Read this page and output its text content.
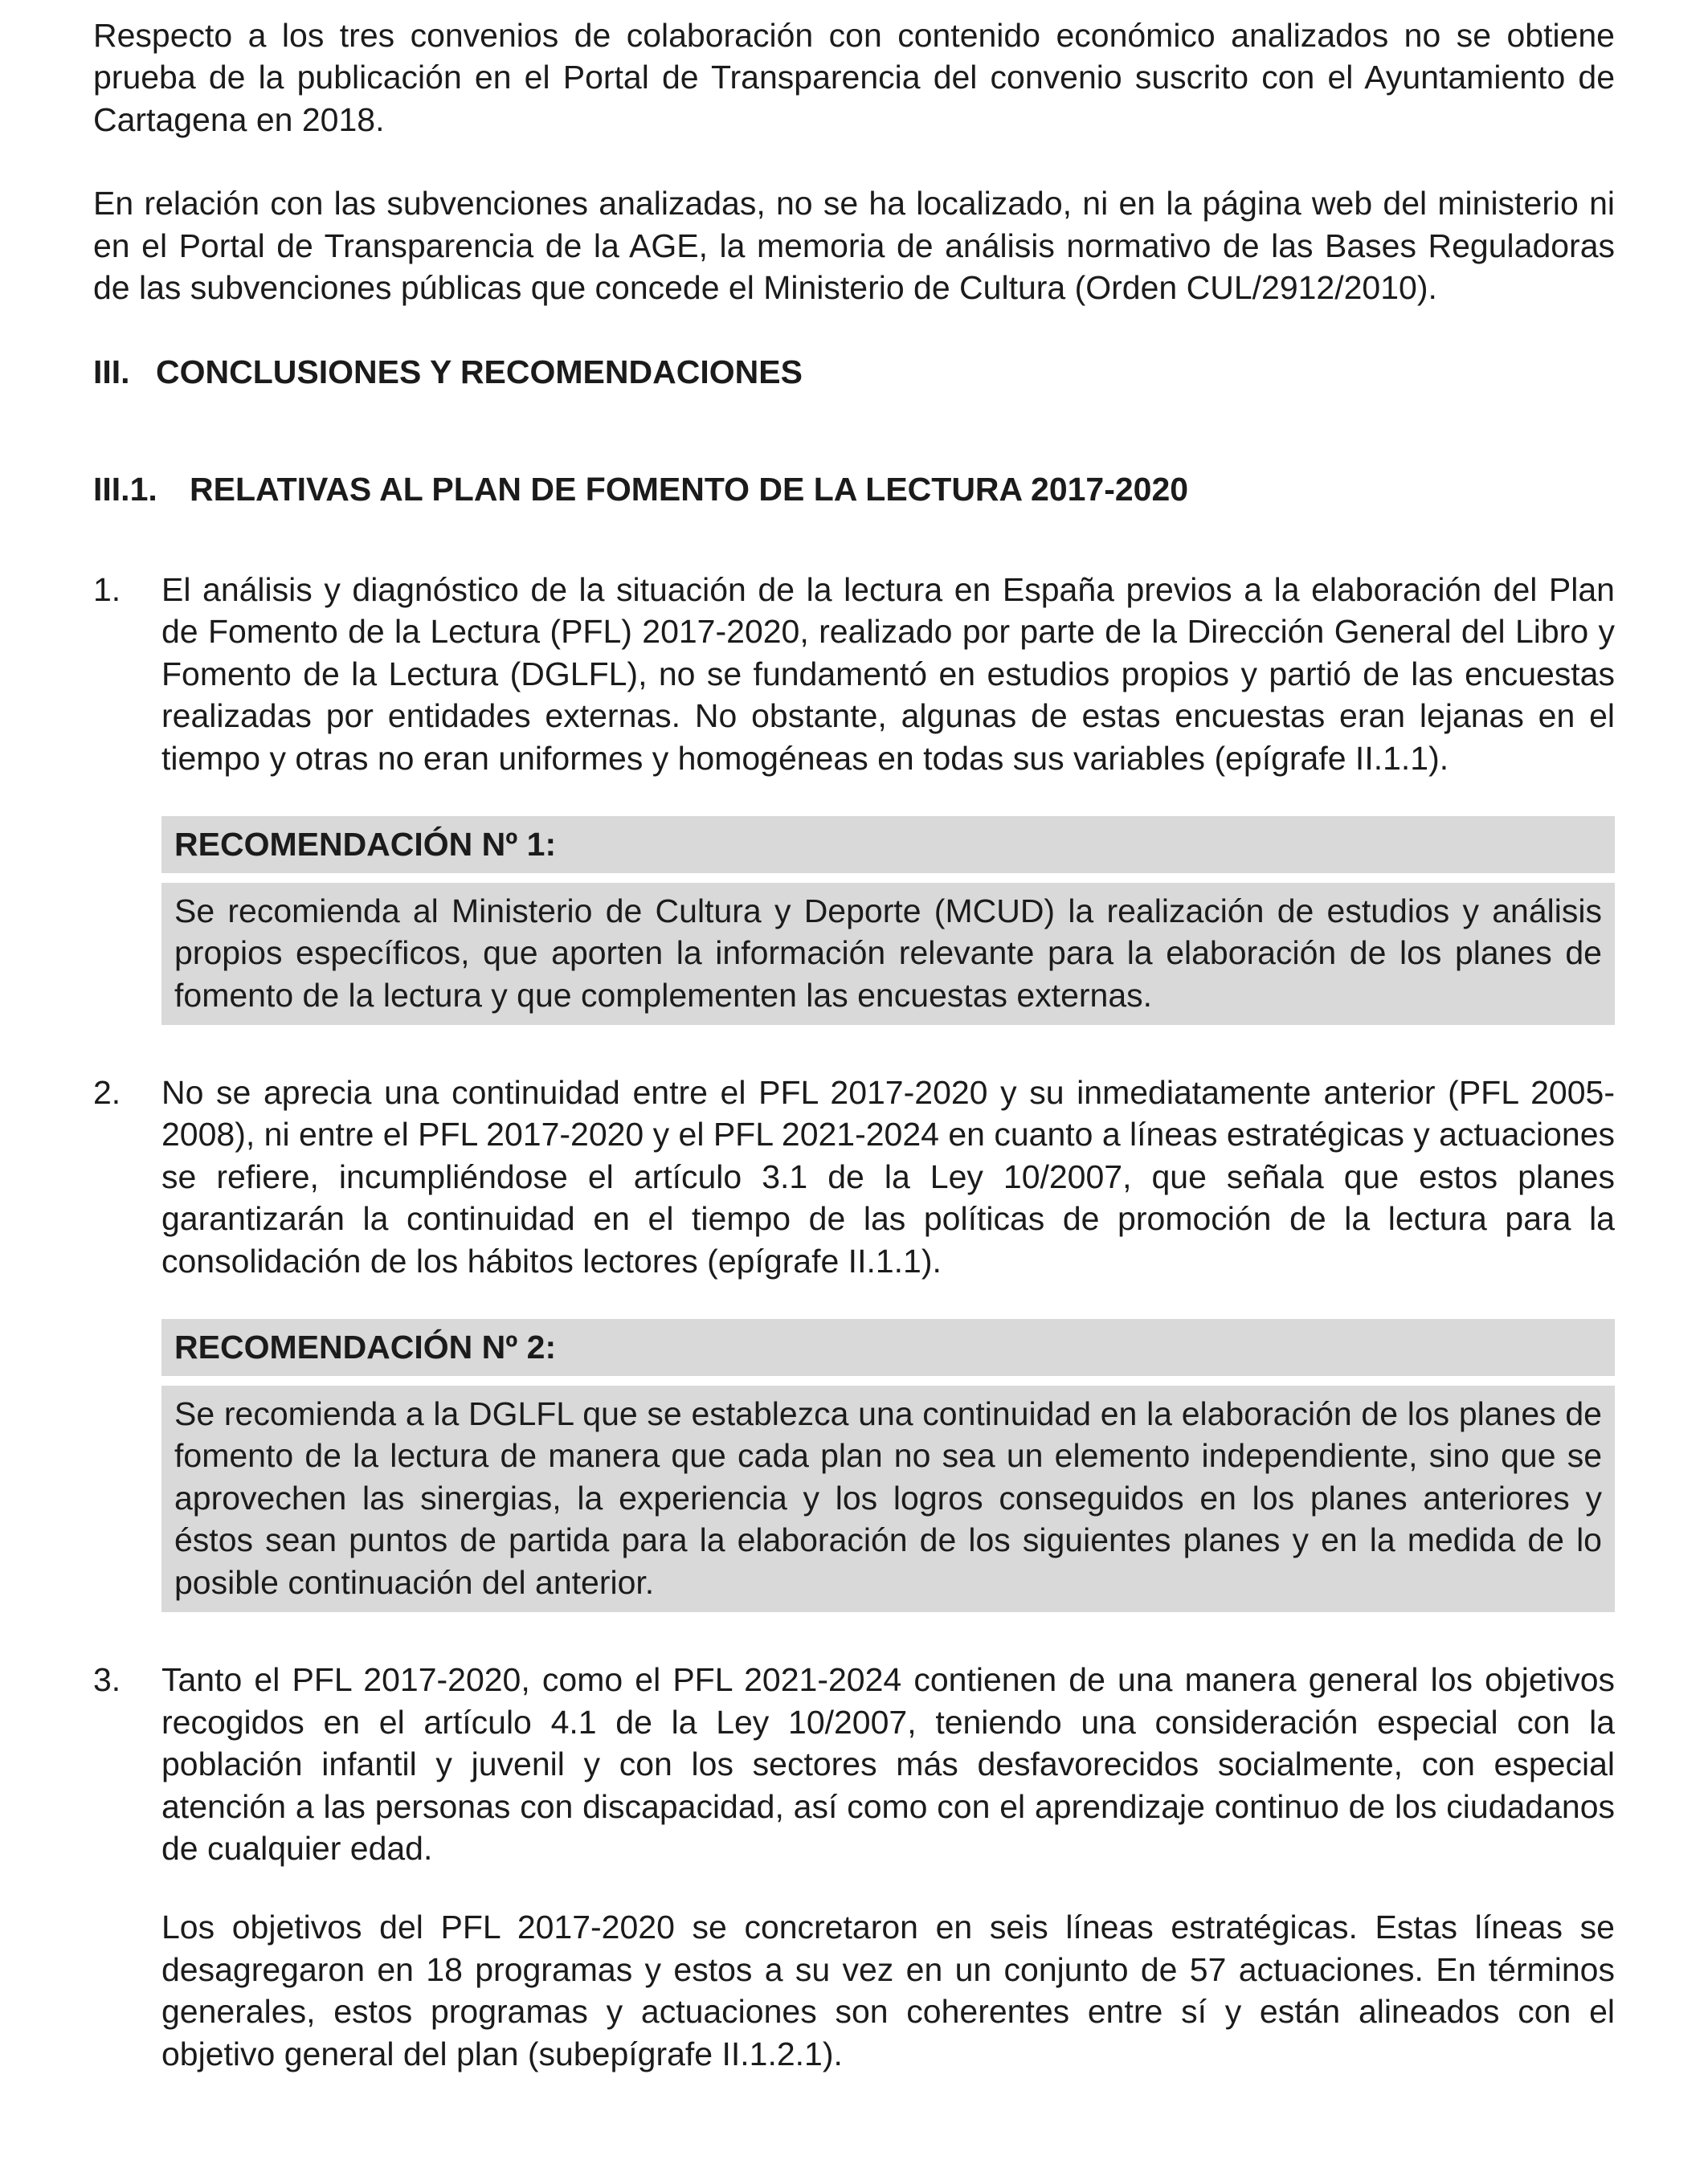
Respecto a los tres convenios de colaboración con contenido económico analizados no se obtiene prueba de la publicación en el Portal de Transparencia del convenio suscrito con el Ayuntamiento de Cartagena en 2018.

En relación con las subvenciones analizadas, no se ha localizado, ni en la página web del ministerio ni en el Portal de Transparencia de la AGE, la memoria de análisis normativo de las Bases Reguladoras de las subvenciones públicas que concede el Ministerio de Cultura (Orden CUL/2912/2010).

III. CONCLUSIONES Y RECOMENDACIONES
III.1. RELATIVAS AL PLAN DE FOMENTO DE LA LECTURA 2017-2020
1.	El análisis y diagnóstico de la situación de la lectura en España previos a la elaboración del Plan de Fomento de la Lectura (PFL) 2017-2020, realizado por parte de la Dirección General del Libro y Fomento de la Lectura (DGLFL), no se fundamentó en estudios propios y partió de las encuestas realizadas por entidades externas. No obstante, algunas de estas encuestas eran lejanas en el tiempo y otras no eran uniformes y homogéneas en todas sus variables (epígrafe II.1.1).
RECOMENDACIÓN Nº 1:
Se recomienda al Ministerio de Cultura y Deporte (MCUD) la realización de estudios y análisis propios específicos, que aporten la información relevante para la elaboración de los planes de fomento de la lectura y que complementen las encuestas externas.
2.	No se aprecia una continuidad entre el PFL 2017-2020 y su inmediatamente anterior (PFL 2005-2008), ni entre el PFL 2017-2020 y el PFL 2021-2024 en cuanto a líneas estratégicas y actuaciones se refiere, incumpliéndose el artículo 3.1 de la Ley 10/2007, que señala que estos planes garantizarán la continuidad en el tiempo de las políticas de promoción de la lectura para la consolidación de los hábitos lectores (epígrafe II.1.1).
RECOMENDACIÓN Nº 2:
Se recomienda a la DGLFL que se establezca una continuidad en la elaboración de los planes de fomento de la lectura de manera que cada plan no sea un elemento independiente, sino que se aprovechen las sinergias, la experiencia y los logros conseguidos en los planes anteriores y éstos sean puntos de partida para la elaboración de los siguientes planes y en la medida de lo posible continuación del anterior.
3.	Tanto el PFL 2017-2020, como el PFL 2021-2024 contienen de una manera general los objetivos recogidos en el artículo 4.1 de la Ley 10/2007, teniendo una consideración especial con la población infantil y juvenil y con los sectores más desfavorecidos socialmente, con especial atención a las personas con discapacidad, así como con el aprendizaje continuo de los ciudadanos de cualquier edad.
Los objetivos del PFL 2017-2020 se concretaron en seis líneas estratégicas. Estas líneas se desagregaron en 18 programas y estos a su vez en un conjunto de 57 actuaciones. En términos generales, estos programas y actuaciones son coherentes entre sí y están alineados con el objetivo general del plan (subepígrafe II.1.2.1).
